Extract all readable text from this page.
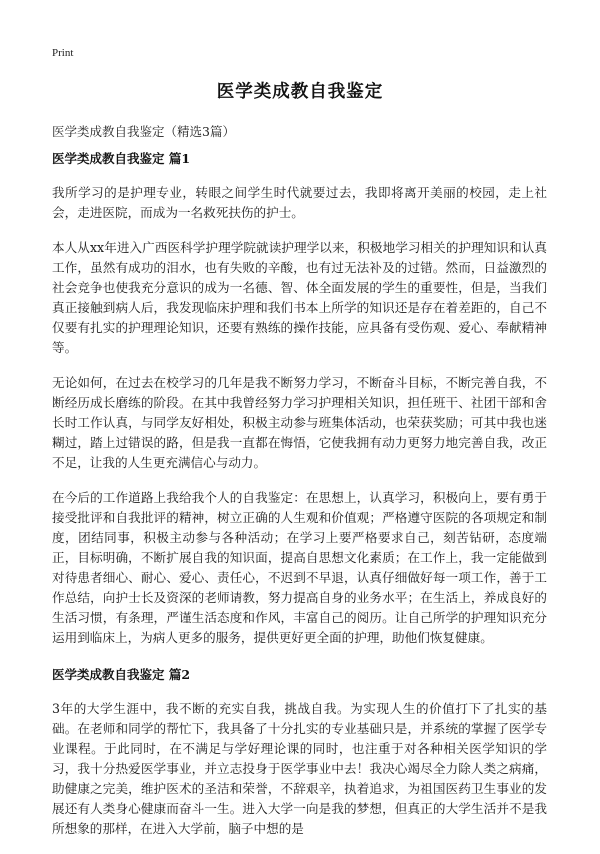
Print
医学类成教自我鉴定
医学类成教自我鉴定（精选3篇）
医学类成教自我鉴定 篇1

我所学习的是护理专业，转眼之间学生时代就要过去，我即将离开美丽的校园，走上社会，走进医院，而成为一名救死扶伤的护士。

本人从xx年进入广西医科学护理学院就读护理学以来，积极地学习相关的护理知识和认真工作，虽然有成功的泪水，也有失败的辛酸，也有过无法补及的过错。然而，日益激烈的社会竞争也使我充分意识的成为一名德、智、体全面发展的学生的重要性，但是，当我们真正接触到病人后，我发现临床护理和我们书本上所学的知识还是存在着差距的，自己不仅要有扎实的护理理论知识，还要有熟练的操作技能，应具备有受伤观、爱心、奉献精神等。

无论如何，在过去在校学习的几年是我不断努力学习，不断奋斗目标，不断完善自我，不断经历成长磨练的阶段。在其中我曾经努力学习护理相关知识，担任班干、社团干部和舍长时工作认真，与同学友好相处，积极主动参与班集体活动，也荣获奖励；可其中我也迷糊过，踏上过错误的路，但是我一直都在悔悟，它使我拥有动力更努力地完善自我，改正不足，让我的人生更充满信心与动力。

在今后的工作道路上我给我个人的自我鉴定：在思想上，认真学习，积极向上，要有勇于接受批评和自我批评的精神，树立正确的人生观和价值观；严格遵守医院的各项规定和制度，团结同事，积极主动参与各种活动；在学习上要严格要求自己，刻苦钻研，态度端正，目标明确，不断扩展自我的知识面，提高自思想文化素质；在工作上，我一定能做到对待患者细心、耐心、爱心、责任心，不迟到不早退，认真仔细做好每一项工作，善于工作总结，向护士长及资深的老师请教，努力提高自身的业务水平；在生活上，养成良好的生活习惯，有条理，严谨生活态度和作风，丰富自己的阅历。让自己所学的护理知识充分运用到临床上，为病人更多的服务，提供更好更全面的护理，助他们恢复健康。

医学类成教自我鉴定 篇2

3年的大学生涯中，我不断的充实自我，挑战自我。为实现人生的价值打下了扎实的基础。在老师和同学的帮忙下，我具备了十分扎实的专业基础只是，并系统的掌握了医学专业课程。于此同时，在不满足与学好理论课的同时，也注重于对各种相关医学知识的学习，我十分热爱医学事业，并立志投身于医学事业中去！我决心竭尽全力除人类之病痛，助健康之完美，维护医术的圣洁和荣誉，不辞艰辛，执着追求，为祖国医药卫生事业的发展还有人类身心健康而奋斗一生。进入大学一向是我的梦想，但真正的大学生活并不是我所想象的那样，在进入大学前，脑子中想的是
